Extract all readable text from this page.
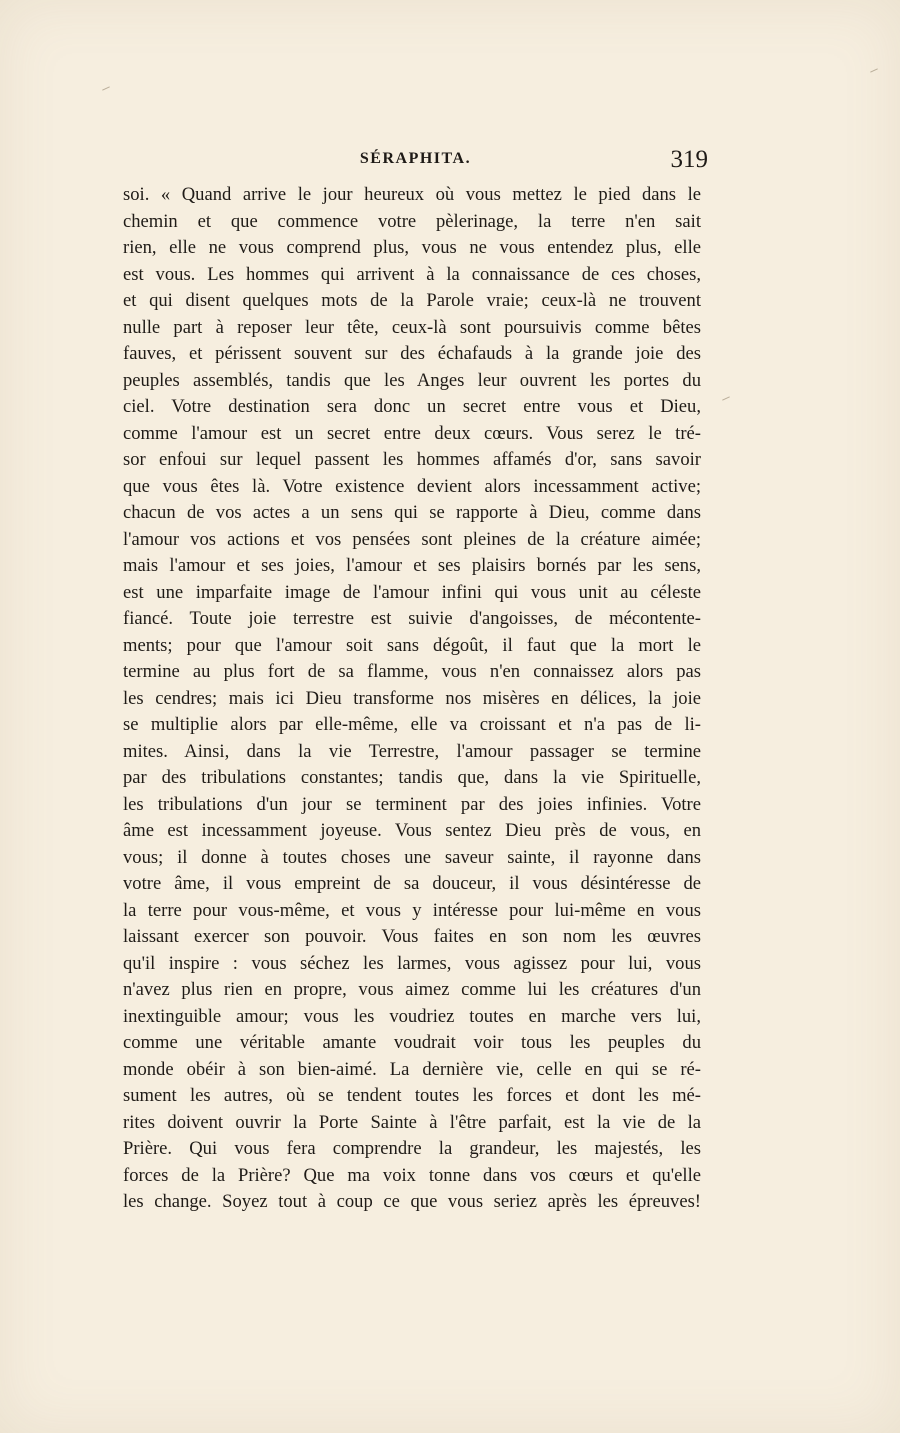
SÉRAPHITA.	319
soi. « Quand arrive le jour heureux où vous mettez le pied dans le
chemin et que commence votre pèlerinage, la terre n'en sait
rien, elle ne vous comprend plus, vous ne vous entendez plus, elle
est vous. Les hommes qui arrivent à la connaissance de ces choses,
et qui disent quelques mots de la Parole vraie; ceux-là ne trouvent
nulle part à reposer leur tête, ceux-là sont poursuivis comme bêtes
fauves, et périssent souvent sur des échafauds à la grande joie des
peuples assemblés, tandis que les Anges leur ouvrent les portes du
ciel. Votre destination sera donc un secret entre vous et Dieu,
comme l'amour est un secret entre deux cœurs. Vous serez le tré-
sor enfoui sur lequel passent les hommes affamés d'or, sans savoir
que vous êtes là. Votre existence devient alors incessamment active;
chacun de vos actes a un sens qui se rapporte à Dieu, comme dans
l'amour vos actions et vos pensées sont pleines de la créature aimée;
mais l'amour et ses joies, l'amour et ses plaisirs bornés par les sens,
est une imparfaite image de l'amour infini qui vous unit au céleste
fiancé. Toute joie terrestre est suivie d'angoisses, de méconte​nte-
ments; pour que l'amour soit sans dégoût, il faut que la mort le
termine au plus fort de sa flamme, vous n'en connaissez alors pas
les cendres; mais ici Dieu transforme nos misères en délices, la joie
se multiplie alors par elle-même, elle va croissant et n'a pas de li-
mites. Ainsi, dans la vie Terrestre, l'amour passager se termine
par des tribulations constantes; tandis que, dans la vie Spirituelle,
les tribulations d'un jour se terminent par des joies infinies. Votre
âme est incessamment joyeuse. Vous sentez Dieu près de vous, en
vous; il donne à toutes choses une saveur sainte, il rayonne dans
votre âme, il vous empreint de sa douceur, il vous désintéresse de
la terre pour vous-même, et vous y intéresse pour lui-même en vous
laissant exercer son pouvoir. Vous faites en son nom les œuvres
qu'il inspire : vous séchez les larmes, vous agissez pour lui, vous
n'avez plus rien en propre, vous aimez comme lui les créatures d'un
inextinguible amour; vous les voudriez toutes en marche vers lui,
comme une véritable amante voudrait voir tous les peuples du
monde obéir à son bien-aimé. La dernière vie, celle en qui se ré-
sument les autres, où se tendent toutes les forces et dont les mé-
rites doivent ouvrir la Porte Sainte à l'être parfait, est la vie de la
Prière. Qui vous fera comprendre la grandeur, les majestés, les
forces de la Prière? Que ma voix tonne dans vos cœurs et qu'elle
les change. Soyez tout à coup ce que vous seriez après les épreuves!
